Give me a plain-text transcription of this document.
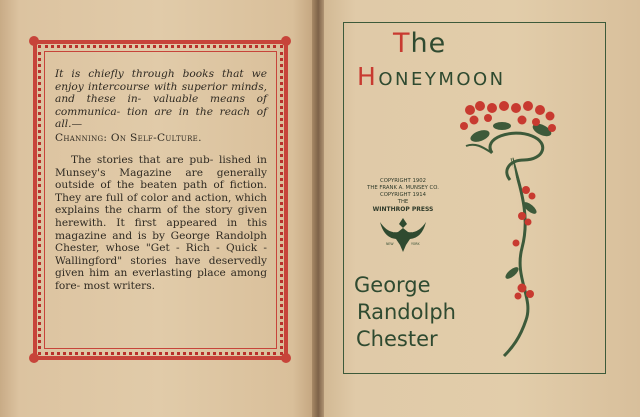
It is chiefly through books that we enjoy intercourse with superior minds, and these in- valuable means of communica- tion are in the reach of all.—

Channing: On Self-Culture.

The stories that are pub- lished in Munsey's Magazine are generally outside of the beaten path of fiction. They are full of color and action, which explains the charm of the story given herewith. It first appeared in this magazine and is by George Randolph Chester, whose "Get - Rich - Quick - Wallingford" stories have deservedly given him an everlasting place among fore- most writers.

The
Honeymoon
COPYRIGHT 1902
THE FRANK A. MUNSEY CO.
COPYRIGHT 1914
THE
WINTHROP PRESS
NEW	YORK
George
Randolph
Chester
